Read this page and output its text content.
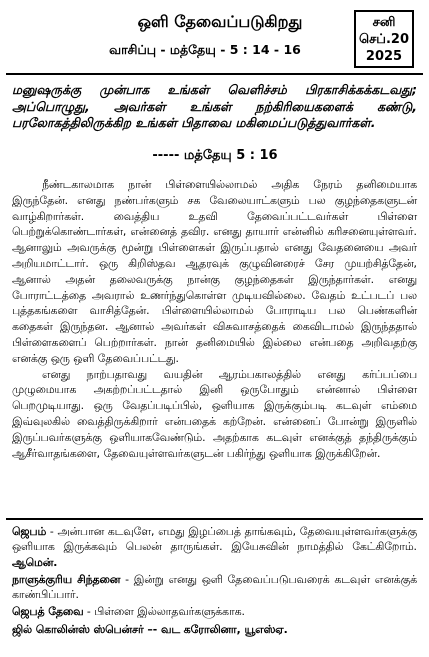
ஒளி தேவைப்படுகிறது
வாசிப்பு - மத்தேயு - 5 : 14 - 16
சனி
செப்.20
2025

மனுஷருக்கு முன்பாக உங்கள் வெளிச்சம் பிரகாசிக்கக்கடவது; அப்பொழுது, அவர்கள் உங்கள் நற்கிரியைகளைக் கண்டு, பரலோகத்திலிருக்கிற உங்கள் பிதாவை மகிமைப்படுத்துவார்கள்.

----- மத்தேயு 5 : 16

நீண்டகாலமாக நான் பிள்ளையில்லாமல் அதிக நேரம் தனிமையாக இருந்தேன். எனது நண்பர்களும் சக வேலையாட்களும் பல குழந்தைகளுடன் வாழ்கிறார்கள். வைத்திய உதவி தேவைப்பட்டவர்கள் பிள்ளை பெற்றுக்கொண்டார்கள், என்னைத் தவிர. எனது தாயார் என்னில் கரிசனையுள்ளவர். ஆனாலும் அவருக்கு மூன்று பிள்ளைகள் இருப்பதால் எனது வேதனையை அவர் அறியமாட்டார். ஒரு கிறிஸ்தவ ஆதரவுக் குழுவினரைச் சேர முயற்சித்தேன், ஆனால் அதன் தலைவருக்கு நான்கு குழந்தைகள் இருந்தார்கள். எனது போராட்டத்தை அவரால் உணர்ந்துகொள்ள முடியவில்லை. வேதம் உட்படப் பல புத்தகங்களை வாசித்தேன். பிள்ளையில்லாமல் போராடிய பல பெண்களின் கதைகள் இருந்தன. ஆனால் அவர்கள் விசுவாசத்தைக் கைவிடாமல் இருந்ததால் பிள்ளைகளைப் பெற்றார்கள். நான் தனிமையில் இல்லை என்பதை அறிவதற்கு எனக்கு ஒரு ஒளி தேவைப்பட்டது.

எனது நாற்பதாவது வயதின் ஆரம்பகாலத்தில் எனது கர்ப்பப்பை முழுமையாக அகற்றப்பட்டதால் இனி ஒருபோதும் என்னால் பிள்ளை பெறமுடியாது. ஒரு வேதப்படிப்பில், ஒளியாக இருக்கும்படி கடவுள் எம்மை இவ்வுலகில் வைத்திருக்கிறார் என்பதைக் கற்றேன். என்னைப் போன்று இருளில் இருப்பவர்களுக்கு ஒளியாகவேண்டும். அதற்காக கடவுள் எனக்குத் தந்திருக்கும் ஆசீர்வாதங்களை, தேவையுள்ளவர்களுடன் பகிர்ந்து ஒளியாக இருக்கிறேன்.

ஜெபம் - அன்பான கடவுளே, எமது இழப்பைத் தாங்கவும், தேவையுள்ளவர்களுக்கு ஒளியாக இருக்கவும் பெலன் தாருங்கள். இயேசுவின் நாமத்தில் கேட்கிறோம். ஆமென்.

நாளுக்குரிய சிந்தனை - இன்று எனது ஒளி தேவைப்படுபவரைக் கடவுள் எனக்குக் காண்பிப்பார்.

ஜெபத் தேவை - பிள்ளை இல்லாதவர்களுக்காக.

ஜில் கொலின்ஸ் ஸ்பென்சர் –- வட கரோலினா, யூஎஸ்ஏ.
